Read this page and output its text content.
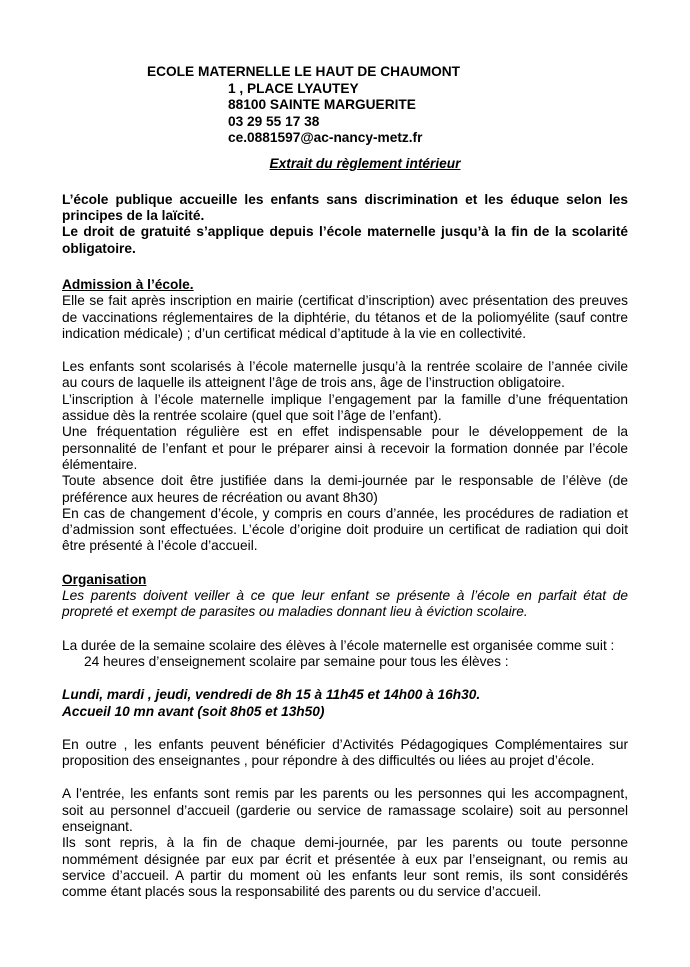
ECOLE MATERNELLE LE HAUT DE CHAUMONT
1 , PLACE LYAUTEY
88100 SAINTE MARGUERITE
03 29 55 17 38
ce.0881597@ac-nancy-metz.fr
Extrait du règlement intérieur

L’école publique accueille les enfants sans discrimination et les éduque selon les principes de la laïcité.

Le droit de gratuité s’applique depuis l’école maternelle jusqu’à la fin de la scolarité obligatoire.

Admission à l’école.

Elle se fait après inscription en mairie (certificat d’inscription) avec présentation des preuves de vaccinations réglementaires de la diphtérie, du tétanos et de la poliomyélite (sauf contre indication médicale) ; d’un certificat médical d’aptitude à la vie en collectivité.

Les enfants sont scolarisés à l’école maternelle jusqu’à la rentrée scolaire de l’année civile au cours de laquelle ils atteignent l’âge de trois ans, âge de l’instruction obligatoire.

L’inscription à l’école maternelle implique l’engagement par la famille d’une fréquentation assidue dès la rentrée scolaire (quel que soit l’âge de l’enfant).

Une fréquentation régulière est en effet indispensable pour le développement de la personnalité de l’enfant et pour le préparer ainsi à recevoir la formation donnée par l’école élémentaire.

Toute absence doit être justifiée dans la demi-journée par le responsable de l’élève (de préférence aux heures de récréation ou avant 8h30)

En cas de changement d’école, y compris en cours d’année, les procédures de radiation et d’admission sont effectuées. L’école d’origine doit produire un certificat de radiation qui doit être présenté à l’école d’accueil.

Organisation

Les parents doivent veiller à ce que leur enfant se présente à l’école en parfait état de propreté et exempt de parasites ou maladies donnant lieu à éviction scolaire.

La durée de la semaine scolaire des élèves à l’école maternelle est organisée comme suit :

24 heures d’enseignement scolaire par semaine pour tous les élèves :

Lundi, mardi , jeudi, vendredi de 8h 15 à 11h45 et 14h00 à 16h30.

Accueil 10 mn avant (soit 8h05 et 13h50)

En outre , les enfants peuvent bénéficier d’Activités Pédagogiques Complémentaires sur proposition des enseignantes , pour répondre à des difficultés ou liées au projet d’école.

A l’entrée, les enfants sont remis par les parents ou les personnes qui les accompagnent, soit au personnel d’accueil (garderie ou service de ramassage scolaire) soit au personnel enseignant.

Ils sont repris, à la fin de chaque demi-journée, par les parents ou toute personne nommément désignée par eux par écrit et présentée à eux par l’enseignant, ou remis au service d’accueil. A partir du moment où les enfants leur sont remis, ils sont considérés comme étant placés sous la responsabilité des parents ou du service d’accueil.
